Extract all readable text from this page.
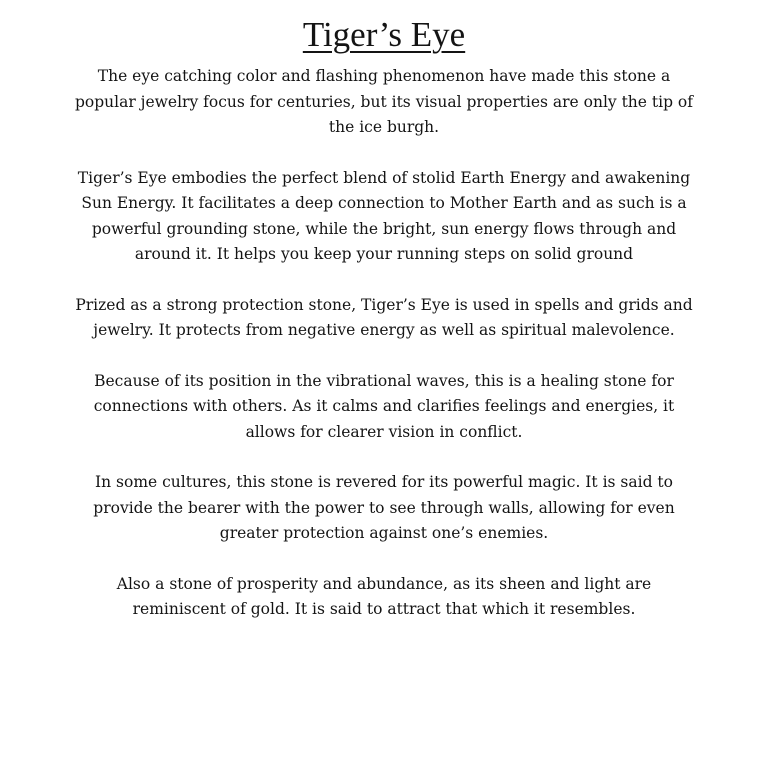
Tiger’s Eye

The eye catching color and flashing phenomenon have made this stone a popular jewelry focus for centuries, but its visual properties are only the tip of the ice burgh.

Tiger’s Eye embodies the perfect blend of stolid Earth Energy and awakening Sun Energy. It facilitates a deep connection to Mother Earth and as such is a powerful grounding stone, while the bright, sun energy flows through and around it. It helps you keep your running steps on solid ground

Prized as a strong protection stone, Tiger’s Eye is used in spells and grids and jewelry. It protects from negative energy as well as spiritual malevolence.

Because of its position in the vibrational waves, this is a healing stone for connections with others. As it calms and clarifies feelings and energies, it allows for clearer vision in conflict.

In some cultures, this stone is revered for its powerful magic. It is said to provide the bearer with the power to see through walls, allowing for even greater protection against one’s enemies.

Also a stone of prosperity and abundance, as its sheen and light are reminiscent of gold. It is said to attract that which it resembles.
